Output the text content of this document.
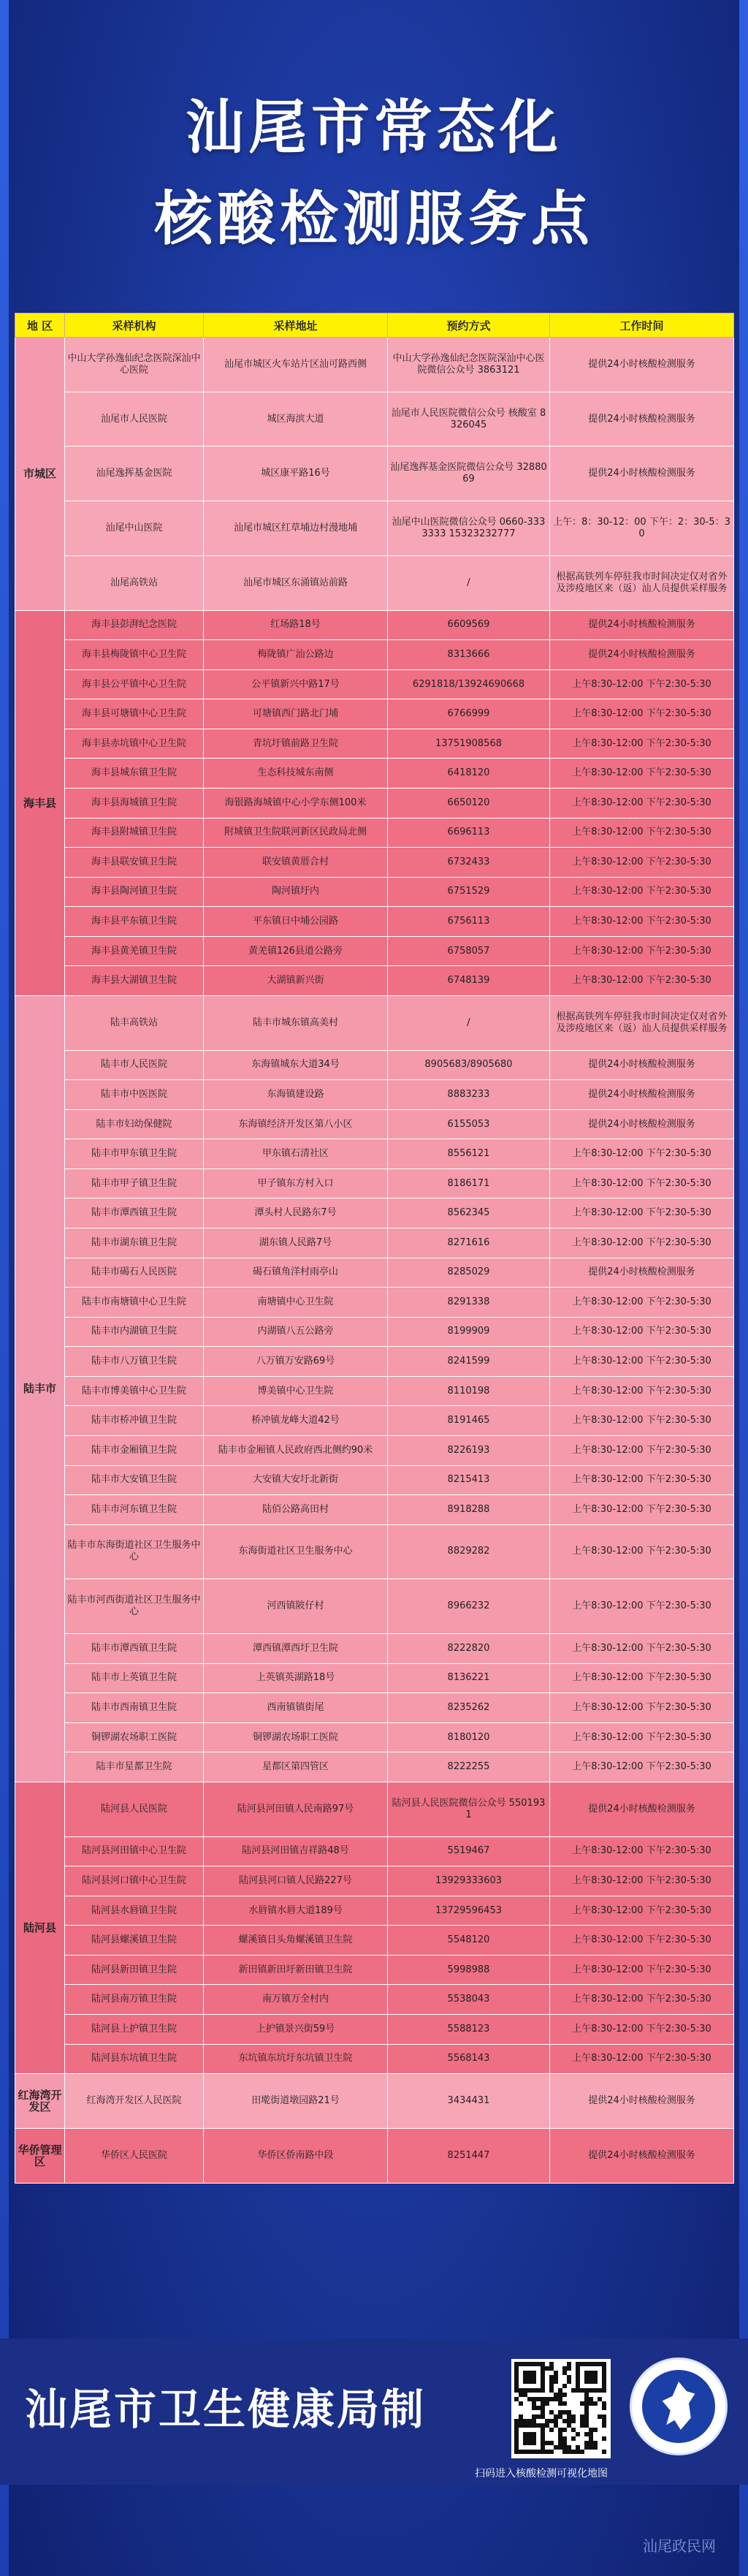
汕尾市常态化
核酸检测服务点
地 区	采样机构	采样地址	预约方式	工作时间
市城区	中山大学孙逸仙纪念医院深汕中心医院	汕尾市城区火车站片区汕可路西侧	中山大学孙逸仙纪念医院深汕中心医院微信公众号 3863121	提供24小时核酸检测服务
	汕尾市人民医院	城区海滨大道	汕尾市人民医院微信公众号 核酸室 8326045	提供24小时核酸检测服务
	汕尾逸挥基金医院	城区康平路16号	汕尾逸挥基金医院微信公众号 3288069	提供24小时核酸检测服务
	汕尾中山医院	汕尾市城区红草埔边村漫地埔	汕尾中山医院微信公众号 0660-3333333 15323232777	上午：8：30-12：00 下午：2：30-5：30
	汕尾高铁站	汕尾市城区东涌镇站前路	/	根据高铁列车停驻我市时间决定仅对省外及涉疫地区来（返）汕人员提供采样服务
海丰县	海丰县彭湃纪念医院	红场路18号	6609569	提供24小时核酸检测服务
	海丰县梅陇镇中心卫生院	梅陇镇广汕公路边	8313666	提供24小时核酸检测服务
	海丰县公平镇中心卫生院	公平镇新兴中路17号	6291818/13924690668	上午8:30-12:00 下午2:30-5:30
	海丰县可塘镇中心卫生院	可塘镇西门路北门埔	6766999	上午8:30-12:00 下午2:30-5:30
	海丰县赤坑镇中心卫生院	青坑圩镇前路卫生院	13751908568	上午8:30-12:00 下午2:30-5:30
	海丰县城东镇卫生院	生态科技城东南侧	6418120	上午8:30-12:00 下午2:30-5:30
	海丰县海城镇卫生院	海银路海城镇中心小学东侧100米	6650120	上午8:30-12:00 下午2:30-5:30
	海丰县附城镇卫生院	附城镇卫生院联河新区民政局北侧	6696113	上午8:30-12:00 下午2:30-5:30
	海丰县联安镇卫生院	联安镇黄厝合村	6732433	上午8:30-12:00 下午2:30-5:30
	海丰县陶河镇卫生院	陶河镇圩内	6751529	上午8:30-12:00 下午2:30-5:30
	海丰县平东镇卫生院	平东镇日中埔公园路	6756113	上午8:30-12:00 下午2:30-5:30
	海丰县黄羌镇卫生院	黄羌镇126县道公路旁	6758057	上午8:30-12:00 下午2:30-5:30
	海丰县大湖镇卫生院	大湖镇新兴街	6748139	上午8:30-12:00 下午2:30-5:30
陆丰市	陆丰高铁站	陆丰市城东镇高美村	/	根据高铁列车停驻我市时间决定仅对省外及涉疫地区来（返）汕人员提供采样服务
	陆丰市人民医院	东海镇城东大道34号	8905683/8905680	提供24小时核酸检测服务
	陆丰市中医医院	东海镇建设路	8883233	提供24小时核酸检测服务
	陆丰市妇幼保健院	东海镇经济开发区第八小区	6155053	提供24小时核酸检测服务
	陆丰市甲东镇卫生院	甲东镇石清社区	8556121	上午8:30-12:00 下午2:30-5:30
	陆丰市甲子镇卫生院	甲子镇东方村入口	8186171	上午8:30-12:00 下午2:30-5:30
	陆丰市潭西镇卫生院	潭头村人民路东7号	8562345	上午8:30-12:00 下午2:30-5:30
	陆丰市湖东镇卫生院	湖东镇人民路7号	8271616	上午8:30-12:00 下午2:30-5:30
	陆丰市碣石人民医院	碣石镇角洋村雨亭山	8285029	提供24小时核酸检测服务
	陆丰市南塘镇中心卫生院	南塘镇中心卫生院	8291338	上午8:30-12:00 下午2:30-5:30
	陆丰市内湖镇卫生院	内湖镇八五公路旁	8199909	上午8:30-12:00 下午2:30-5:30
	陆丰市八万镇卫生院	八万镇万安路69号	8241599	上午8:30-12:00 下午2:30-5:30
	陆丰市博美镇中心卫生院	博美镇中心卫生院	8110198	上午8:30-12:00 下午2:30-5:30
	陆丰市桥冲镇卫生院	桥冲镇龙峰大道42号	8191465	上午8:30-12:00 下午2:30-5:30
	陆丰市金厢镇卫生院	陆丰市金厢镇人民政府西北侧约90米	8226193	上午8:30-12:00 下午2:30-5:30
	陆丰市大安镇卫生院	大安镇大安圩北新街	8215413	上午8:30-12:00 下午2:30-5:30
	陆丰市河东镇卫生院	陆佰公路高田村	8918288	上午8:30-12:00 下午2:30-5:30
	陆丰市东海街道社区卫生服务中心	东海街道社区卫生服务中心	8829282	上午8:30-12:00 下午2:30-5:30
	陆丰市河西街道社区卫生服务中心	河西镇陂仔村	8966232	上午8:30-12:00 下午2:30-5:30
	陆丰市潭西镇卫生院	潭西镇潭西圩卫生院	8222820	上午8:30-12:00 下午2:30-5:30
	陆丰市上英镇卫生院	上英镇英湖路18号	8136221	上午8:30-12:00 下午2:30-5:30
	陆丰市西南镇卫生院	西南镇镇街尾	8235262	上午8:30-12:00 下午2:30-5:30
	铜锣湖农场职工医院	铜锣湖农场职工医院	8180120	上午8:30-12:00 下午2:30-5:30
	陆丰市星都卫生院	星都区第四管区	8222255	上午8:30-12:00 下午2:30-5:30
陆河县	陆河县人民医院	陆河县河田镇人民南路97号	陆河县人民医院微信公众号 5501931	提供24小时核酸检测服务
	陆河县河田镇中心卫生院	陆河县河田镇吉祥路48号	5519467	上午8:30-12:00 下午2:30-5:30
	陆河县河口镇中心卫生院	陆河县河口镇人民路227号	13929333603	上午8:30-12:00 下午2:30-5:30
	陆河县水唇镇卫生院	水唇镇水唇大道189号	13729596453	上午8:30-12:00 下午2:30-5:30
	陆河县螺溪镇卫生院	螺溪镇日头角螺溪镇卫生院	5548120	上午8:30-12:00 下午2:30-5:30
	陆河县新田镇卫生院	新田镇新田圩新田镇卫生院	5998988	上午8:30-12:00 下午2:30-5:30
	陆河县南万镇卫生院	南万镇万全村内	5538043	上午8:30-12:00 下午2:30-5:30
	陆河县上护镇卫生院	上护镇景兴街59号	5588123	上午8:30-12:00 下午2:30-5:30
	陆河县东坑镇卫生院	东坑镇东坑圩东坑镇卫生院	5568143	上午8:30-12:00 下午2:30-5:30
红海湾开发区	红海湾开发区人民医院	田墘街道墩园路21号	3434431	提供24小时核酸检测服务
华侨管理区	华侨区人民医院	华侨区侨南路中段	8251447	提供24小时核酸检测服务
汕尾市卫生健康局制
扫码进入核酸检测可视化地图
汕尾政民网
